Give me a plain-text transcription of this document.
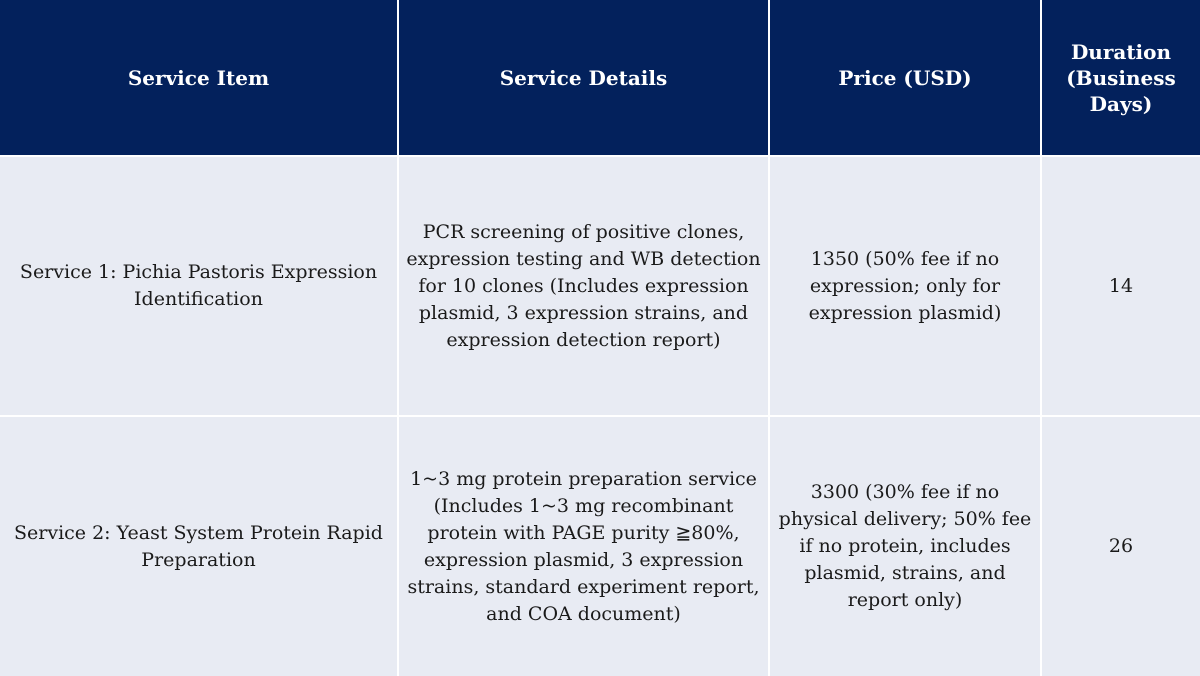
Service Item	Service Details	Price (USD)	Duration (Business Days)
Service 1: Pichia Pastoris Expression Identification	PCR screening of positive clones, expression testing and WB detection for 10 clones (Includes expression plasmid, 3 expression strains, and expression detection report)	1350 (50% fee if no expression; only for expression plasmid)	14
Service 2: Yeast System Protein Rapid Preparation	1~3 mg protein preparation service (Includes 1~3 mg recombinant protein with PAGE purity ≧80%, expression plasmid, 3 expression strains, standard experiment report, and COA document)	3300 (30% fee if no physical delivery; 50% fee if no protein, includes plasmid, strains, and report only)	26
